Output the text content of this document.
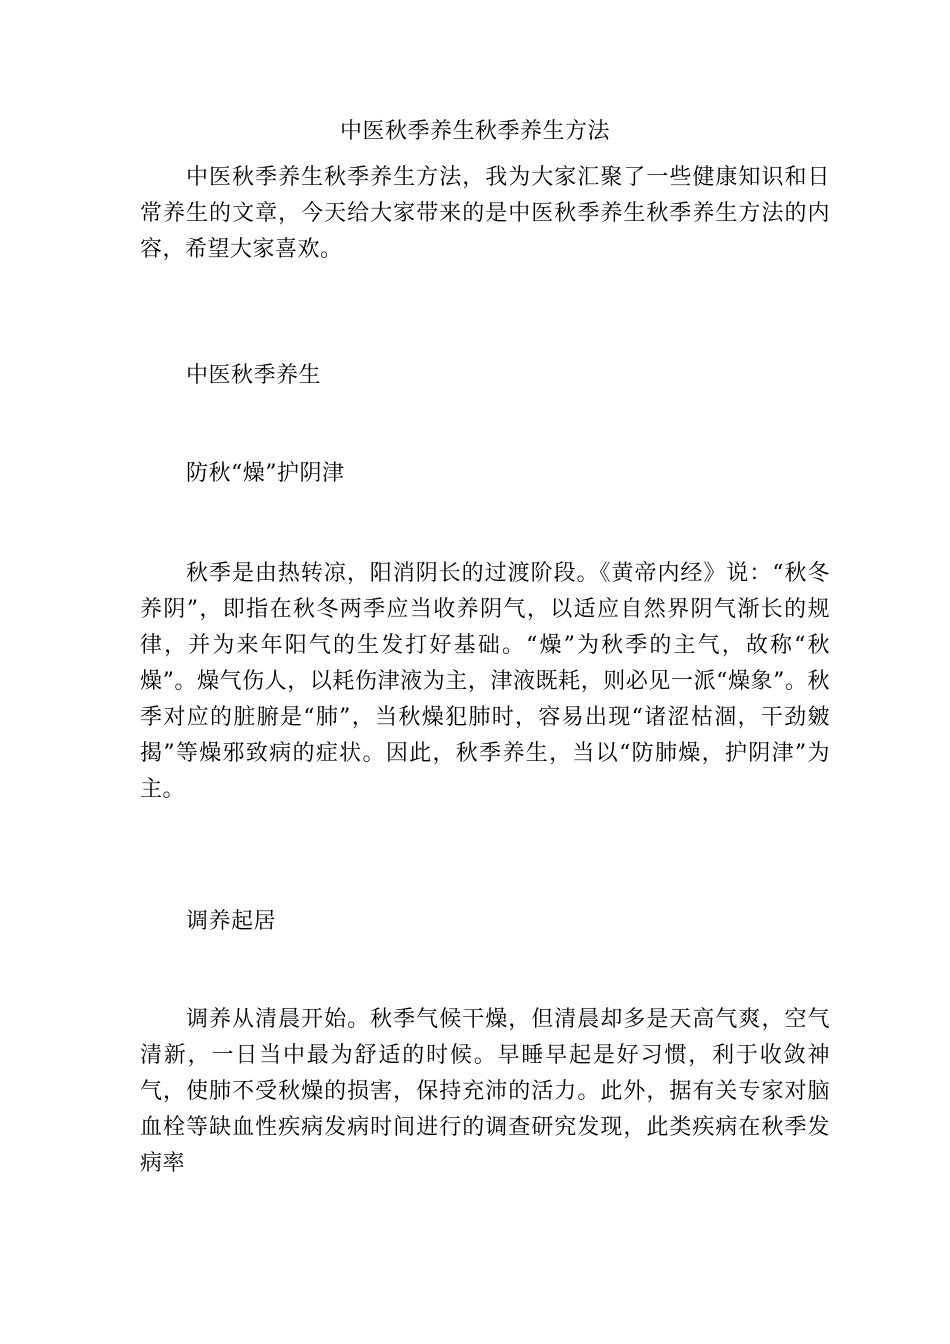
中医秋季养生秋季养生方法

中医秋季养生秋季养生方法，我为大家汇聚了一些健康知识和日常养生的文章，今天给大家带来的是中医秋季养生秋季养生方法的内容，希望大家喜欢。

中医秋季养生

防秋“燥”护阴津

秋季是由热转凉，阳消阴长的过渡阶段。《黄帝内经》说：“秋冬养阴”，即指在秋冬两季应当收养阴气，以适应自然界阴气渐长的规律，并为来年阳气的生发打好基础。“燥”为秋季的主气，故称“秋燥”。燥气伤人，以耗伤津液为主，津液既耗，则必见一派“燥象”。秋季对应的脏腑是“肺”，当秋燥犯肺时，容易出现“诸涩枯涸，干劲皴揭”等燥邪致病的症状。因此，秋季养生，当以“防肺燥，护阴津”为主。

调养起居

调养从清晨开始。秋季气候干燥，但清晨却多是天高气爽，空气清新，一日当中最为舒适的时候。早睡早起是好习惯，利于收敛神气，使肺不受秋燥的损害，保持充沛的活力。此外，据有关专家对脑血栓等缺血性疾病发病时间进行的调查研究发现，此类疾病在秋季发病率
